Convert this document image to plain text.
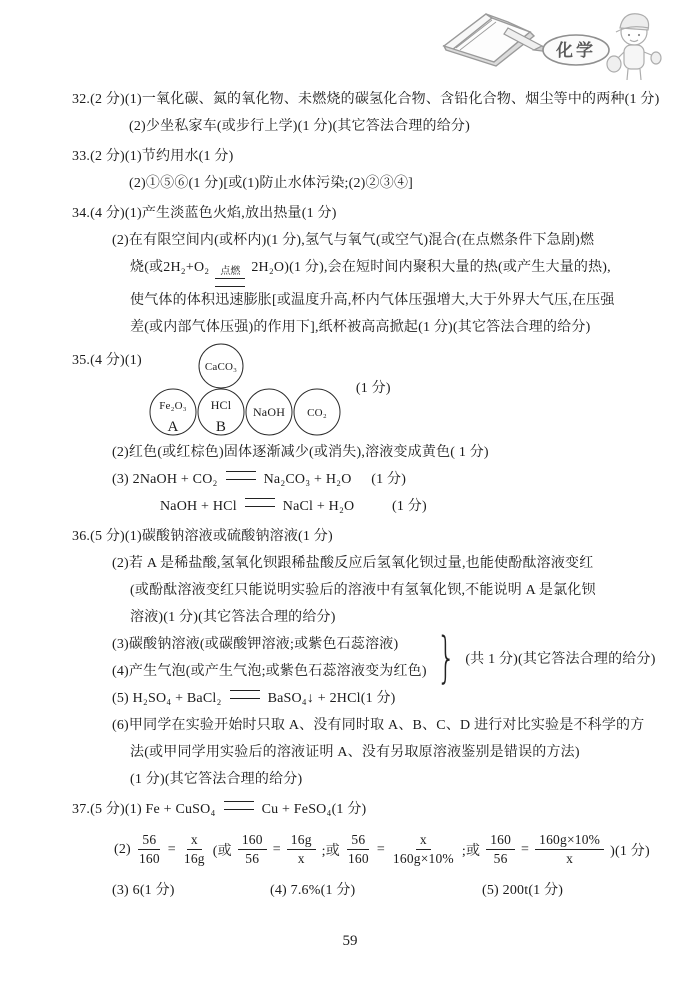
化学
32.(2 分)(1)一氧化碳、氮的氧化物、未燃烧的碳氢化合物、含铅化合物、烟尘等中的两种(1 分)
(2)少坐私家车(或步行上学)(1 分)(其它答法合理的给分)
33.(2 分)(1)节约用水(1 分)
(2)①⑤⑥(1 分)[或(1)防止水体污染;(2)②③④]
34.(4 分)(1)产生淡蓝色火焰,放出热量(1 分)
(2)在有限空间内(或杯内)(1 分),氢气与氧气(或空气)混合(在点燃条件下急剧)燃
烧(或2H₂+O₂ 点燃 2H₂O)(1 分),会在短时间内聚积大量的热(或产生大量的热),
使气体的体积迅速膨胀[或温度升高,杯内气体压强增大,大于外界大气压,在压强
差(或内部气体压强)的作用下],纸杯被高高掀起(1 分)(其它答法合理的给分)
35.(4 分)(1)	CaCO₃
Fe₂O₃ HCl NaOH CO₂
A B
(1 分)
(2)红色(或红棕色)固体逐渐减少(或消失),溶液变成黄色( 1 分)
(3) 2NaOH + CO₂	Na₂CO₃ + H₂O (1 分)
NaOH + HCl	NaCl + H₂O	(1 分)
36.(5 分)(1)碳酸钠溶液或硫酸钠溶液(1 分)
(2)若 A 是稀盐酸,氢氧化钡跟稀盐酸反应后氢氧化钡过量,也能使酚酞溶液变红
(或酚酞溶液变红只能说明实验后的溶液中有氢氧化钡,不能说明 A 是氯化钡
溶液)(1 分)(其它答法合理的给分)
(3)碳酸钠溶液(或碳酸钾溶液;或紫色石蕊溶液)
(4)产生气泡(或产生气泡;或紫色石蕊溶液变为红色) } (共 1 分)(其它答法合理的给分)
(5) H₂SO₄ + BaCl₂	BaSO₄↓ + 2HCl(1 分)
(6)甲同学在实验开始时只取 A、没有同时取 A、B、C、D 进行对比实验是不科学的方
法(或甲同学用实验后的溶液证明 A、没有另取原溶液鉴别是错误的方法)
(1 分)(其它答法合理的给分)
37.(5 分)(1) Fe + CuSO₄	Cu + FeSO₄(1 分)
$(2) \frac{56}{160} = \frac{x}{16g}$ (或 $\frac{160}{56} = \frac{16g}{x}$ ;或 $\frac{56}{160} = \frac{x}{160g\times 10\%}$ ;或 $\frac{160}{56} = \frac{160g\times 10\%}{x} )(1$ 分)
(3) 6(1 分)	(4) 7.6%(1 分)	(5) 200t(1 分)
59
